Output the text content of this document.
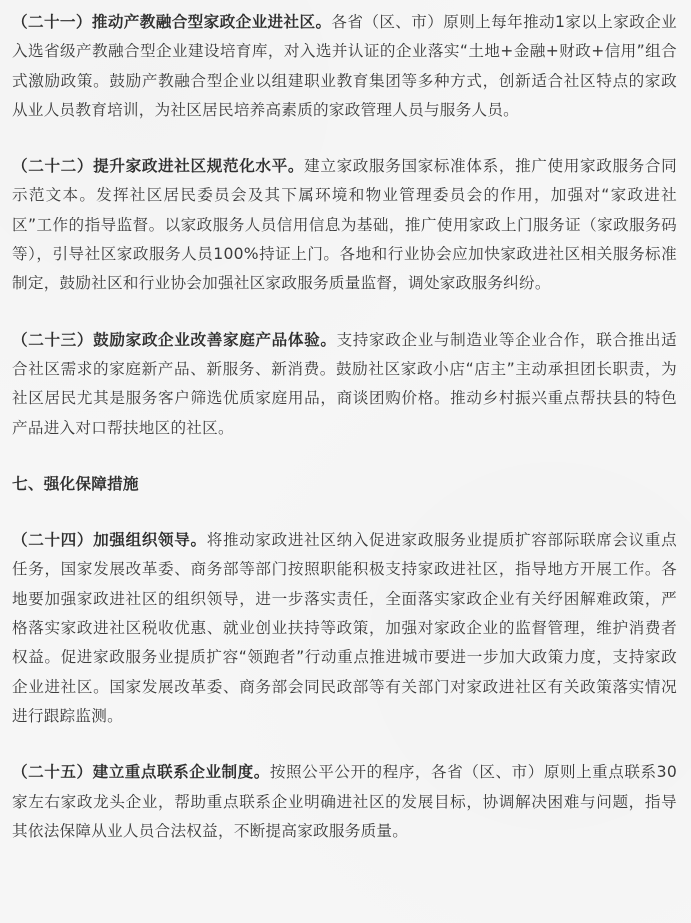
（二十一）推动产教融合型家政企业进社区。各省（区、市）原则上每年推动1家以上家政企业入选省级产教融合型企业建设培育库，对入选并认证的企业落实“土地+金融+财政+信用”组合式激励政策。鼓励产教融合型企业以组建职业教育集团等多种方式，创新适合社区特点的家政从业人员教育培训，为社区居民培养高素质的家政管理人员与服务人员。

（二十二）提升家政进社区规范化水平。建立家政服务国家标准体系，推广使用家政服务合同示范文本。发挥社区居民委员会及其下属环境和物业管理委员会的作用，加强对“家政进社区”工作的指导监督。以家政服务人员信用信息为基础，推广使用家政上门服务证（家政服务码等），引导社区家政服务人员100%持证上门。各地和行业协会应加快家政进社区相关服务标准制定，鼓励社区和行业协会加强社区家政服务质量监督，调处家政服务纠纷。

（二十三）鼓励家政企业改善家庭产品体验。支持家政企业与制造业等企业合作，联合推出适合社区需求的家庭新产品、新服务、新消费。鼓励社区家政小店“店主”主动承担团长职责，为社区居民尤其是服务客户筛选优质家庭用品，商谈团购价格。推动乡村振兴重点帮扶县的特色产品进入对口帮扶地区的社区。

七、强化保障措施

（二十四）加强组织领导。将推动家政进社区纳入促进家政服务业提质扩容部际联席会议重点任务，国家发展改革委、商务部等部门按照职能积极支持家政进社区，指导地方开展工作。各地要加强家政进社区的组织领导，进一步落实责任，全面落实家政企业有关纾困解难政策，严格落实家政进社区税收优惠、就业创业扶持等政策，加强对家政企业的监督管理，维护消费者权益。促进家政服务业提质扩容“领跑者”行动重点推进城市要进一步加大政策力度，支持家政企业进社区。国家发展改革委、商务部会同民政部等有关部门对家政进社区有关政策落实情况进行跟踪监测。

（二十五）建立重点联系企业制度。按照公平公开的程序，各省（区、市）原则上重点联系30家左右家政龙头企业，帮助重点联系企业明确进社区的发展目标，协调解决困难与问题，指导其依法保障从业人员合法权益，不断提高家政服务质量。
